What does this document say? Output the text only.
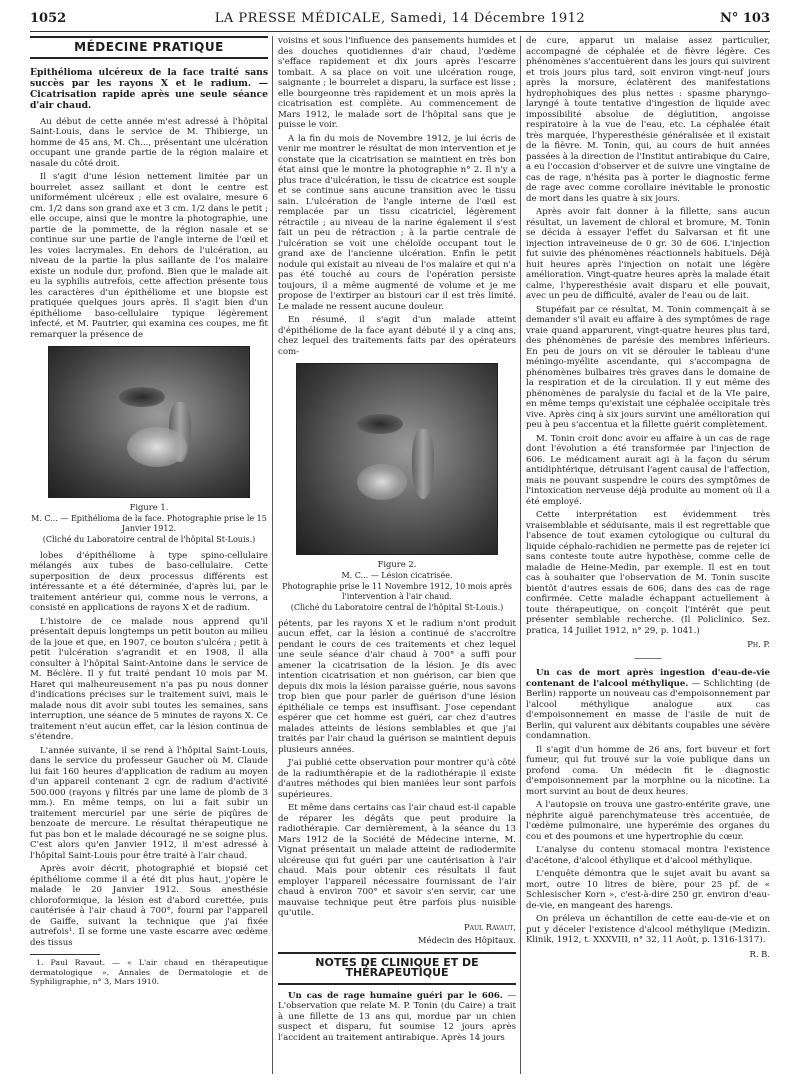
1052	LA PRESSE MÉDICALE, Samedi, 14 Décembre 1912	N° 103
MÉDECINE PRATIQUE

Epithélioma ulcéreux de la face traité sans succès par les rayons X et le radium. — Cicatrisation rapide après une seule séance d'air chaud.

Au début de cette année m'est adressé à l'hôpital Saint-Louis, dans le service de M. Thibierge, un homme de 45 ans, M. Ch..., présentant une ulcération occupant une grande partie de la région malaire et nasale du côté droit.

Il s'agit d'une lésion nettement limitée par un bourrelet assez saillant et dont le centre est uniformément ulcéreux ; elle est ovalaire, mesure 6 cm. 1/2 dans son grand axe et 3 cm. 1/2 dans le petit ; elle occupe, ainsi que le montre la photographie, une partie de la pommette, de la région nasale et se continue sur une partie de l'angle interne de l'œil et les voies lacrymales. En dehors de l'ulcération, au niveau de la partie la plus saillante de l'os malaire existe un nodule dur, profond. Bien que le malade ait eu la syphilis autrefois, cette affection présente tous les caractères d'un épithéliome et une biopsie est pratiquée quelques jours après. Il s'agit bien d'un épithéliome baso-cellulaire typique légèrement infecté, et M. Pautrier, qui examina ces coupes, me fit remarquer la présence de

Figure 1.
M. C... — Epithélioma de la face. Photographie prise le 15 Janvier 1912.
(Cliché du Laboratoire central de l'hôpital St-Louis.)

lobes d'épithéliome à type spino-cellulaire mélangés aux tubes de baso-cellulaire. Cette superposition de deux processus différents est intéressante et a été déterminée, d'après lui, par le traitement antérieur qui, comme nous le verrons, a consisté en applications de rayons X et de radium.

L'histoire de ce malade nous apprend qu'il présentait depuis longtemps un petit bouton au milieu de la joue et que, en 1907, ce bouton s'ulcéra ; petit à petit l'ulcération s'agrandit et en 1908, il alla consulter à l'hôpital Saint-Antoine dans le service de M. Béclère. Il y fut traité pendant 10 mois par M. Haret qui malheureusement n'a pas pu nous donner d'indications précises sur le traitement suivi, mais le malade nous dit avoir subi toutes les semaines, sans interruption, une séance de 5 minutes de rayons X. Ce traitement n'eut aucun effet, car la lésion continua de s'étendre.

L'année suivante, il se rend à l'hôpital Saint-Louis, dans le service du professeur Gaucher où M. Claude lui fait 160 heures d'application de radium au moyen d'un appareil contenant 2 cgr. de radium d'activité 500.000 (rayons γ filtrés par une lame de plomb de 3 mm.). En même temps, on lui a fait subir un traitement mercuriel par une série de piqûres de benzoate de mercure. Le résultat thérapeutique ne fut pas bon et le malade découragé ne se soigne plus. C'est alors qu'en Janvier 1912, il m'est adressé à l'hôpital Saint-Louis pour être traité à l'air chaud.

Après avoir décrit, photographié et biopsié cet épithéliome comme il a été dit plus haut, j'opère le malade le 20 Janvier 1912. Sous anesthésie chloroformique, la lésion est d'abord curettée, puis cautérisée à l'air chaud à 700°, fourni par l'appareil de Gaiffe, suivant la technique que j'ai fixée autrefois¹. Il se forme une vaste escarre avec œdème des tissus

1. Paul Ravaut. — « L'air chaud en thérapeutique dermatologique ». Annales de Dermatologie et de Syphiligraphie, n° 3, Mars 1910.

voisins et sous l'influence des pansements humides et des douches quotidiennes d'air chaud, l'œdème s'efface rapidement et dix jours après l'escarre tombait. A sa place on voit une ulcération rouge, saignante ; le bourrelet a disparu, la surface est lisse ; elle bourgeonne très rapidement et un mois après la cicatrisation est complète. Au commencement de Mars 1912, le malade sort de l'hôpital sans que je puisse le voir.

A la fin du mois de Novembre 1912, je lui écris de venir me montrer le résultat de mon intervention et je constate que la cicatrisation se maintient en très bon état ainsi que le montre la photographie n° 2. Il n'y a plus trace d'ulcération, le tissu de cicatrice est souple et se continue sans aucune transition avec le tissu sain. L'ulcération de l'angle interne de l'œil est remplacée par un tissu cicatriciel, légèrement rétractile ; au niveau de la narine également il s'est fait un peu de rétraction ; à la partie centrale de l'ulcération se voit une chéloïde occupant tout le grand axe de l'ancienne ulcération. Enfin le petit nodule qui existait au niveau de l'os malaire et qui n'a pas été touché au cours de l'opération persiste toujours, il a même augmenté de volume et je me propose de l'extirper au bistouri car il est très limité. Le malade ne ressent aucune douleur.

En résumé, il s'agit d'un malade atteint d'épithéliome de la face ayant débuté il y a cinq ans, chez lequel des traitements faits par des opérateurs com-

Figure 2.
M. C... — Lésion cicatrisée.
Photographie prise le 11 Novembre 1912, 10 mois après l'intervention à l'air chaud.
(Cliché du Laboratoire central de l'hôpital St-Louis.)

pétents, par les rayons X et le radium n'ont produit aucun effet, car la lésion a continué de s'accroître pendant le cours de ces traitements et chez lequel une seule séance d'air chaud à 700° a suffi pour amener la cicatrisation de la lésion. Je dis avec intention cicatrisation et non guérison, car bien que depuis dix mois la lésion paraisse guérie, nous savons trop bien que pour parler de guérison d'une lésion épithéliale ce temps est insuffisant. J'ose cependant espérer que cet homme est guéri, car chez d'autres malades atteints de lésions semblables et que j'ai traités par l'air chaud la guérison se maintient depuis plusieurs années.

J'ai publié cette observation pour montrer qu'à côté de la radiumthérapie et de la radiothérapie il existe d'autres méthodes qui bien maniées leur sont parfois supérieures.

Et même dans certains cas l'air chaud est-il capable de réparer les dégâts que peut produire la radiothérapie. Car dernièrement, à la séance du 13 Mars 1912 de la Société de Médecine interne, M. Vignat présentait un malade atteint de radiodermite ulcéreuse qui fut guéri par une cautérisation à l'air chaud. Mais pour obtenir ces résultats il faut employer l'appareil nécessaire fournissant de l'air chaud à environ 700° et savoir s'en servir, car une mauvaise technique peut être parfois plus nuisible qu'utile.

Paul Ravaut,

Médecin des Hôpitaux.

NOTES DE CLINIQUE ET DE THÉRAPEUTIQUE

Un cas de rage humaine guéri par le 606. — L'observation que relate M. P. Tonin (du Caire) a trait à une fillette de 13 ans qui, mordue par un chien suspect et disparu, fut soumise 12 jours après l'accident au traitement antirabique. Après 14 jours

de cure, apparut un malaise assez particulier, accompagné de céphalée et de fièvre légère. Ces phénomènes s'accentuèrent dans les jours qui suivirent et trois jours plus tard, soit environ vingt-neuf jours après la morsure, éclatèrent des manifestations hydrophobiques des plus nettes : spasme pharyngo-laryngé à toute tentative d'ingestion de liquide avec impossibilité absolue de déglutition, angoisse respiratoire à la vue de l'eau, etc. La céphalée était très marquée, l'hyperesthésie généralisée et il existait de la fièvre. M. Tonin, qui, au cours de huit années passées à la direction de l'Institut antirabique du Caire, a eu l'occasion d'observer et de suivre une vingtaine de cas de rage, n'hésita pas à porter le diagnostic ferme de rage avec comme corollaire inévitable le pronostic de mort dans les quatre à six jours.

Après avoir fait donner à la fillette, sans aucun résultat, un lavement de chloral et bromure, M. Tonin se décida à essayer l'effet du Salvarsan et fit une injection intraveineuse de 0 gr. 30 de 606. L'injection fut suivie des phénomènes réactionnels habituels. Déjà huit heures après l'injection on notait une légère amélioration. Vingt-quatre heures après la malade était calme, l'hyperesthésie avait disparu et elle pouvait, avec un peu de difficulté, avaler de l'eau ou de lait.

Stupéfait par ce résultat, M. Tonin commençait à se demander s'il avait eu affaire à des symptômes de rage vraie quand apparurent, vingt-quatre heures plus tard, des phénomènes de parésie des membres inférieurs. En peu de jours on vit se dérouler le tableau d'une méningo-myélite ascendante, qui s'accompagna de phénomènes bulbaires très graves dans le domaine de la respiration et de la circulation. Il y eut même des phénomènes de paralysie du facial et de la VIe paire, en même temps qu'existait une céphalée occipitale très vive. Après cinq à six jours survint une amélioration qui peu à peu s'accentua et la fillette guérit complètement.

M. Tonin croit donc avoir eu affaire à un cas de rage dont l'évolution a été transformée par l'injection de 606. Le médicament aurait agi à la façon du sérum antidiphtérique, détruisant l'agent causal de l'affection, mais ne pouvant suspendre le cours des symptômes de l'intoxication nerveuse déjà produite au moment où il a été employé.

Cette interprétation est évidemment très vraisemblable et séduisante, mais il est regrettable que l'absence de tout examen cytologique ou cultural du liquide céphalo-rachidien ne permette pas de rejeter ici sans conteste toute autre hypothèse, comme celle de maladie de Heine-Medin, par exemple. Il est en tout cas à souhaiter que l'observation de M. Tonin suscite bientôt d'autres essais de 606, dans des cas de rage confirmée. Cette maladie échappant actuellement à toute thérapeutique, on conçoit l'intérêt que peut présenter semblable recherche. (Il Policlinico. Sez. pratica, 14 Juillet 1912, n° 29, p. 1041.)

Ph. P.

―――

Un cas de mort après ingestion d'eau-de-vie contenant de l'alcool méthylique. — Schlichting (de Berlin) rapporte un nouveau cas d'empoisonnement par l'alcool méthylique analogue aux cas d'empoisonnement en masse de l'asile de nuit de Berlin, qui valurent aux débitants coupables une sévère condamnation.

Il s'agit d'un homme de 26 ans, fort buveur et fort fumeur, qui fut trouvé sur la voie publique dans un profond coma. Un médecin fit le diagnostic d'empoisonnement par la morphine ou la nicotine. La mort survint au bout de deux heures.

A l'autopsie on trouva une gastro-entérite grave, une néphrite aiguë parenchymateuse très accentuée, de l'œdème pulmonaire, une hyperémie des organes du cou et des poumons et une hypertrophie du cœur.

L'analyse du contenu stomacal montra l'existence d'acétone, d'alcool éthylique et d'alcool méthylique.

L'enquête démontra que le sujet avait bu avant sa mort, outre 10 litres de bière, pour 25 pf. de « Schlesischer Korn », c'est-à-dire 250 gr. environ d'eau-de-vie, en mangeant des harengs.

On préleva un échantillon de cette eau-de-vie et on put y déceler l'existence d'alcool méthylique (Medizin. Klinik, 1912, t. XXXVIII, n° 32, 11 Août, p. 1316-1317).

R. B.
